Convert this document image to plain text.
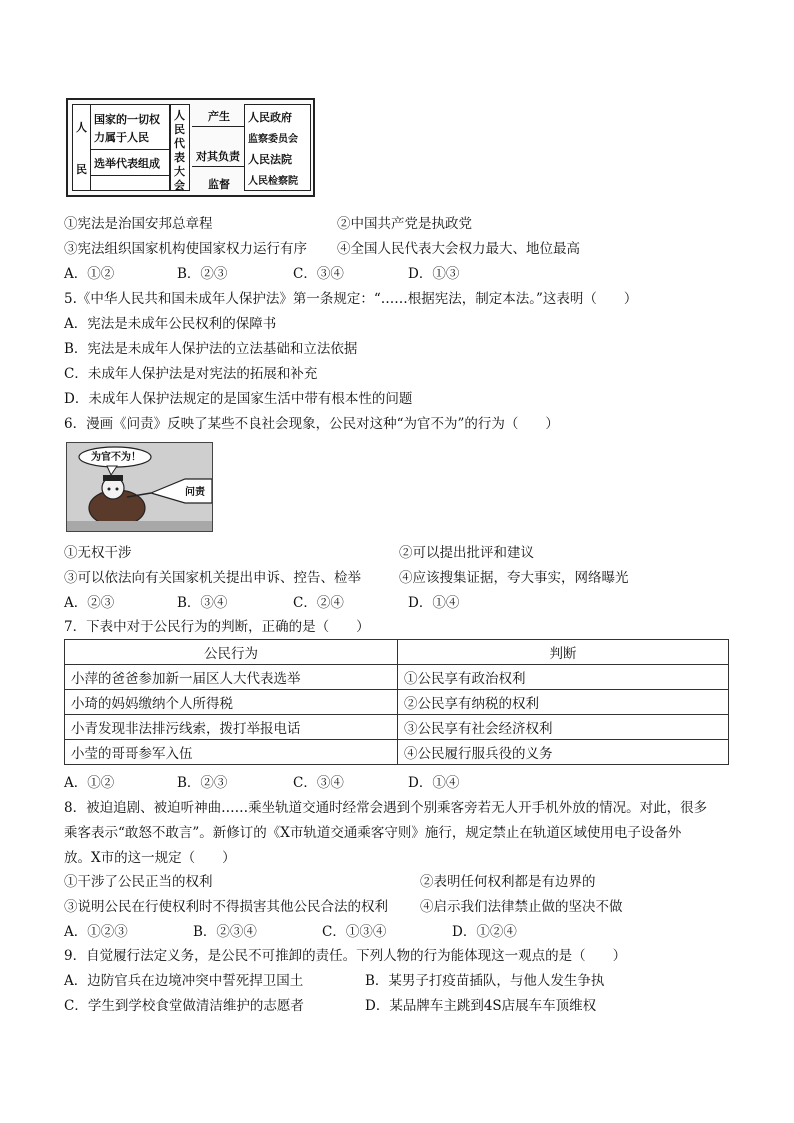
人
民
国家的一切权
力属于人民
选举代表组成
人
民
代
表
大
会
产生
对其负责
监督
人民政府
监察委员会
人民法院
人民检察院
①宪法是治国安邦总章程	②中国共产党是执政党
③宪法组织国家机构使国家权力运行有序 ④全国人民代表大会权力最大、地位最高
A．①②	B．②③	C．③④	D．①③
5.《中华人民共和国未成年人保护法》第一条规定：“……根据宪法，制定本法。”这表明（　　）
A．宪法是未成年公民权利的保障书
B．宪法是未成年人保护法的立法基础和立法依据
C．未成年人保护法是对宪法的拓展和补充
D．未成年人保护法规定的是国家生活中带有根本性的问题
6．漫画《问责》反映了某些不良社会现象，公民对这种“为官不为”的行为（　　）
为官不为！
问责
①无权干涉	②可以提出批评和建议
③可以依法向有关国家机关提出申诉、控告、检举	④应该搜集证据，夸大事实，网络曝光
A．②③	B．③④	C．②④	D．①④
7．下表中对于公民行为的判断，正确的是（　　）
公民行为	判断
小萍的爸爸参加新一届区人大代表选举	①公民享有政治权利
小琦的妈妈缴纳个人所得税	②公民享有纳税的权利
小青发现非法排污线索，拨打举报电话	③公民享有社会经济权利
小莹的哥哥参军入伍	④公民履行服兵役的义务
A．①②	B．②③	C．③④	D．①④
8．被迫追剧、被迫听神曲……乘坐轨道交通时经常会遇到个别乘客旁若无人开手机外放的情况。对此，很多
乘客表示“敢怒不敢言”。新修订的《X市轨道交通乘客守则》施行，规定禁止在轨道区域使用电子设备外
放。X市的这一规定（　　）
①干涉了公民正当的权利	②表明任何权利都是有边界的
③说明公民在行使权利时不得损害其他公民合法的权利 ④启示我们法律禁止做的坚决不做
A．①②③	B．②③④	C．①③④	D．①②④
9．自觉履行法定义务，是公民不可推卸的责任。下列人物的行为能体现这一观点的是（　　）
A．边防官兵在边境冲突中誓死捍卫国土	B．某男子打疫苗插队，与他人发生争执
C．学生到学校食堂做清洁维护的志愿者	D．某品牌车主跳到4S店展车车顶维权
